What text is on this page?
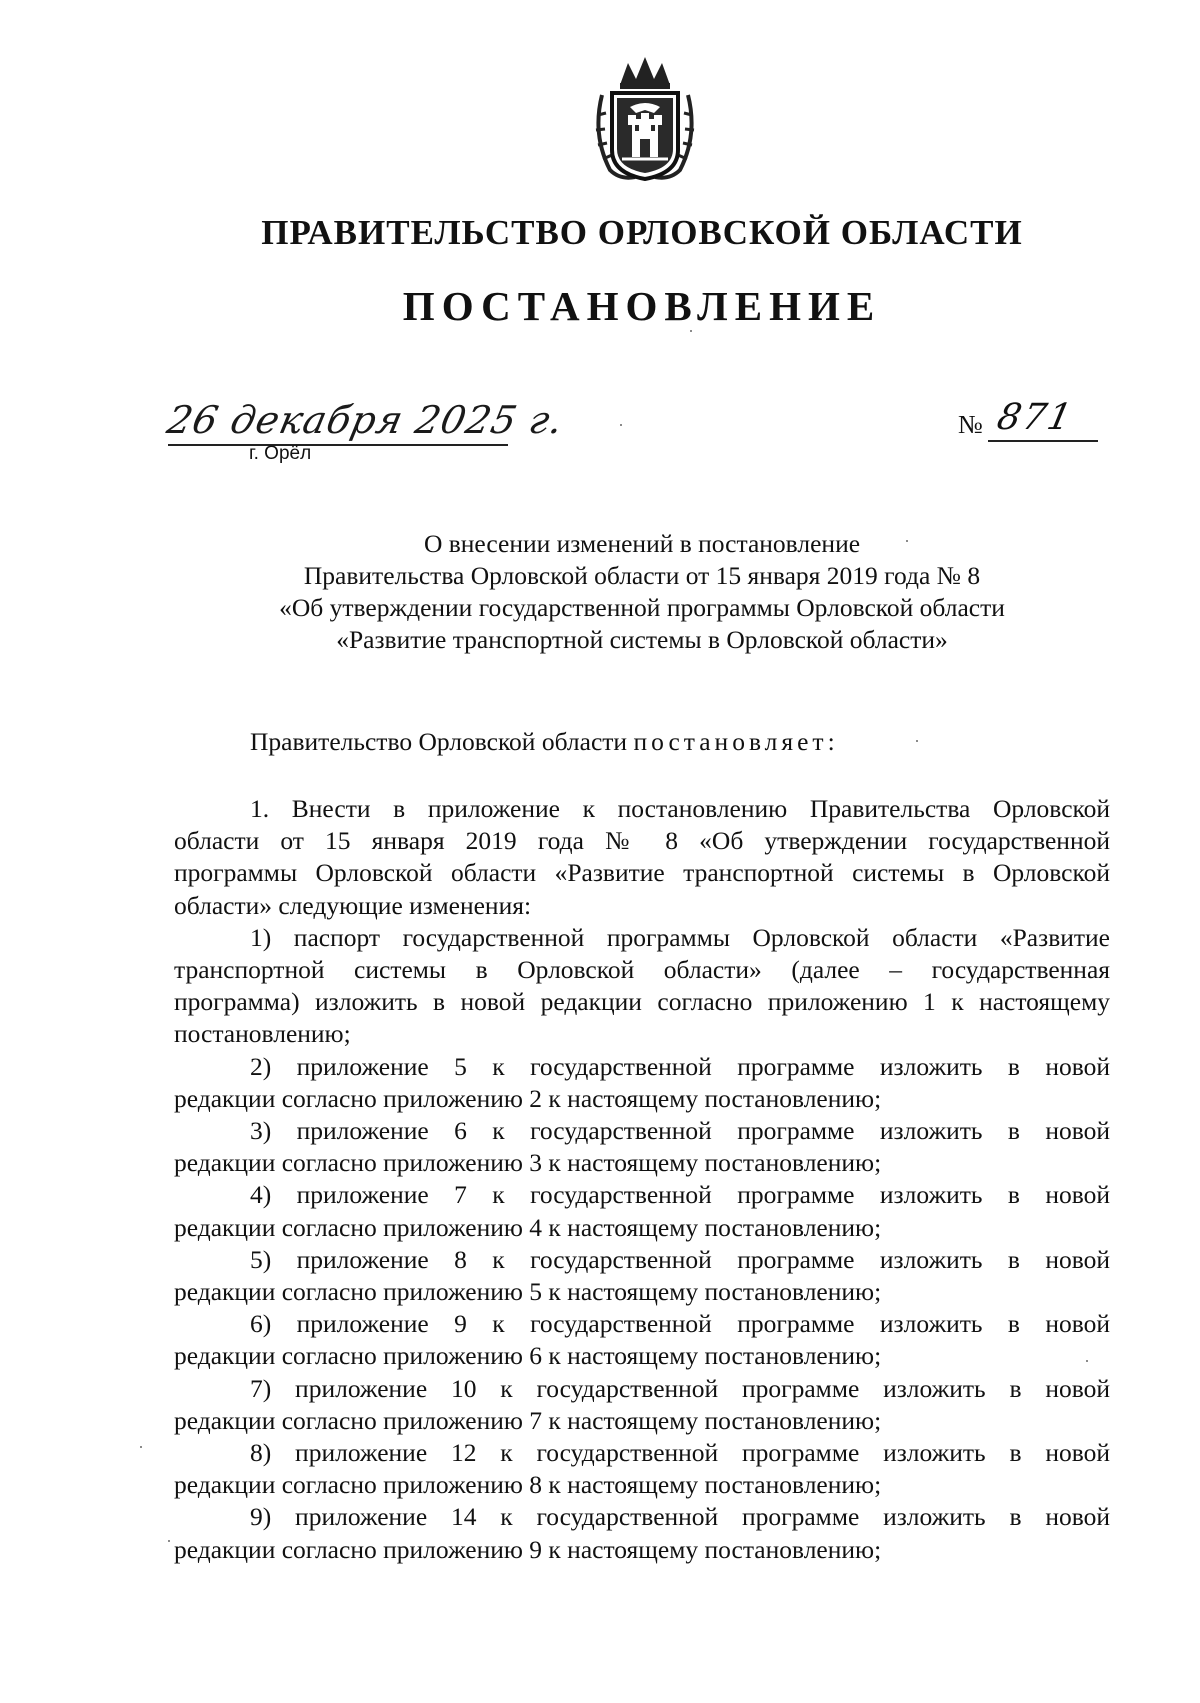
ПРАВИТЕЛЬСТВО ОРЛОВСКОЙ ОБЛАСТИ
ПОСТАНОВЛЕНИЕ
26 декабря 2025 г.
г. Орёл
№ 871
О внесении изменений в постановление
Правительства Орловской области от 15 января 2019 года № 8
«Об утверждении государственной программы Орловской области
«Развитие транспортной системы в Орловской области»
Правительство Орловской области постановляет:
1. Внести в приложение к постановлению Правительства Орловской
области от 15 января 2019 года № 8 «Об утверждении государственной
программы Орловской области «Развитие транспортной системы в Орловской
области» следующие изменения:
1) паспорт государственной программы Орловской области «Развитие
транспортной системы в Орловской области» (далее – государственная
программа) изложить в новой редакции согласно приложению 1 к настоящему
постановлению;
2) приложение 5 к государственной программе изложить в новой
редакции согласно приложению 2 к настоящему постановлению;
3) приложение 6 к государственной программе изложить в новой
редакции согласно приложению 3 к настоящему постановлению;
4) приложение 7 к государственной программе изложить в новой
редакции согласно приложению 4 к настоящему постановлению;
5) приложение 8 к государственной программе изложить в новой
редакции согласно приложению 5 к настоящему постановлению;
6) приложение 9 к государственной программе изложить в новой
редакции согласно приложению 6 к настоящему постановлению;
7) приложение 10 к государственной программе изложить в новой
редакции согласно приложению 7 к настоящему постановлению;
8) приложение 12 к государственной программе изложить в новой
редакции согласно приложению 8 к настоящему постановлению;
9) приложение 14 к государственной программе изложить в новой
редакции согласно приложению 9 к настоящему постановлению;
